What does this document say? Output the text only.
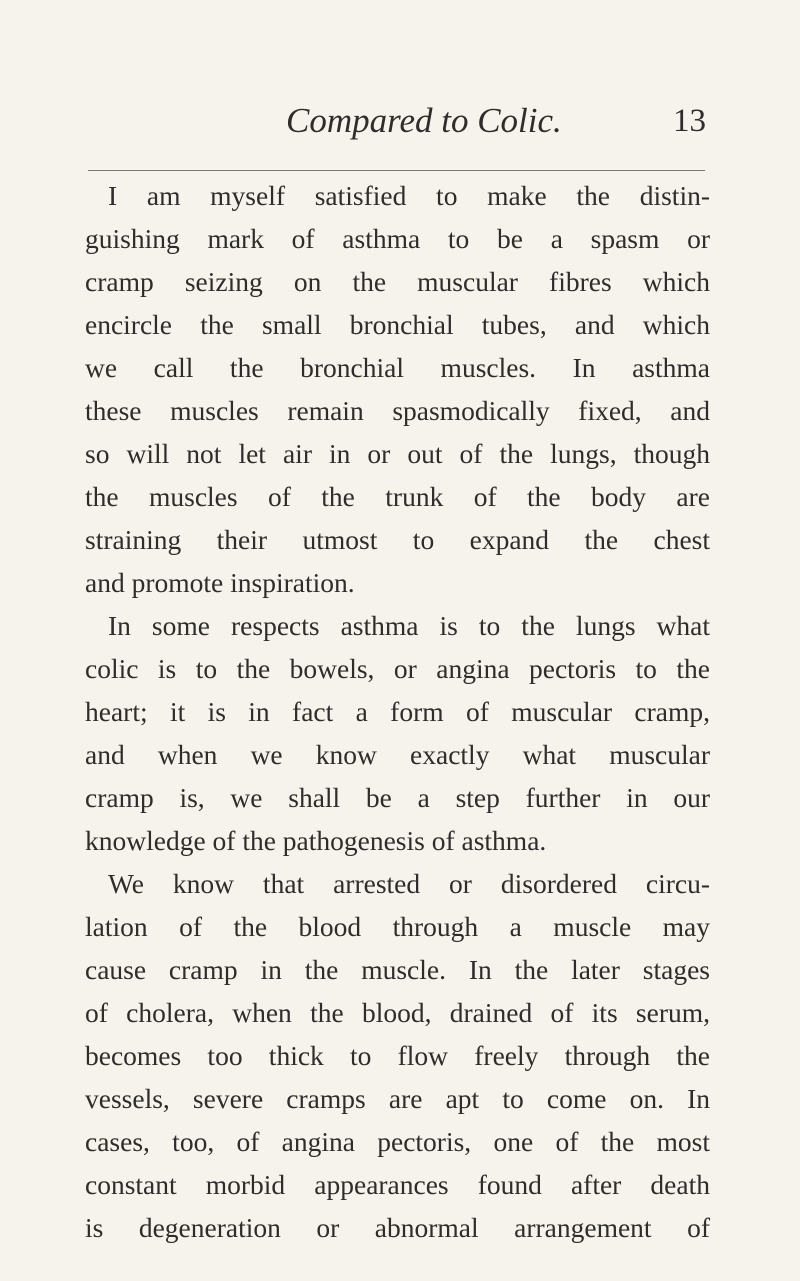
Compared to Colic.	13
I am myself satisfied to make the distin-
guishing mark of asthma to be a spasm or
cramp seizing on the muscular fibres which
encircle the small bronchial tubes, and which
we call the bronchial muscles. In asthma
these muscles remain spasmodically fixed, and
so will not let air in or out of the lungs, though
the muscles of the trunk of the body are
straining their utmost to expand the chest
and promote inspiration.
In some respects asthma is to the lungs what
colic is to the bowels, or angina pectoris to the
heart; it is in fact a form of muscular cramp,
and when we know exactly what muscular
cramp is, we shall be a step further in our
knowledge of the pathogenesis of asthma.
We know that arrested or disordered circu-
lation of the blood through a muscle may
cause cramp in the muscle. In the later stages
of cholera, when the blood, drained of its serum,
becomes too thick to flow freely through the
vessels, severe cramps are apt to come on. In
cases, too, of angina pectoris, one of the most
constant morbid appearances found after death
is degeneration or abnormal arrangement of
